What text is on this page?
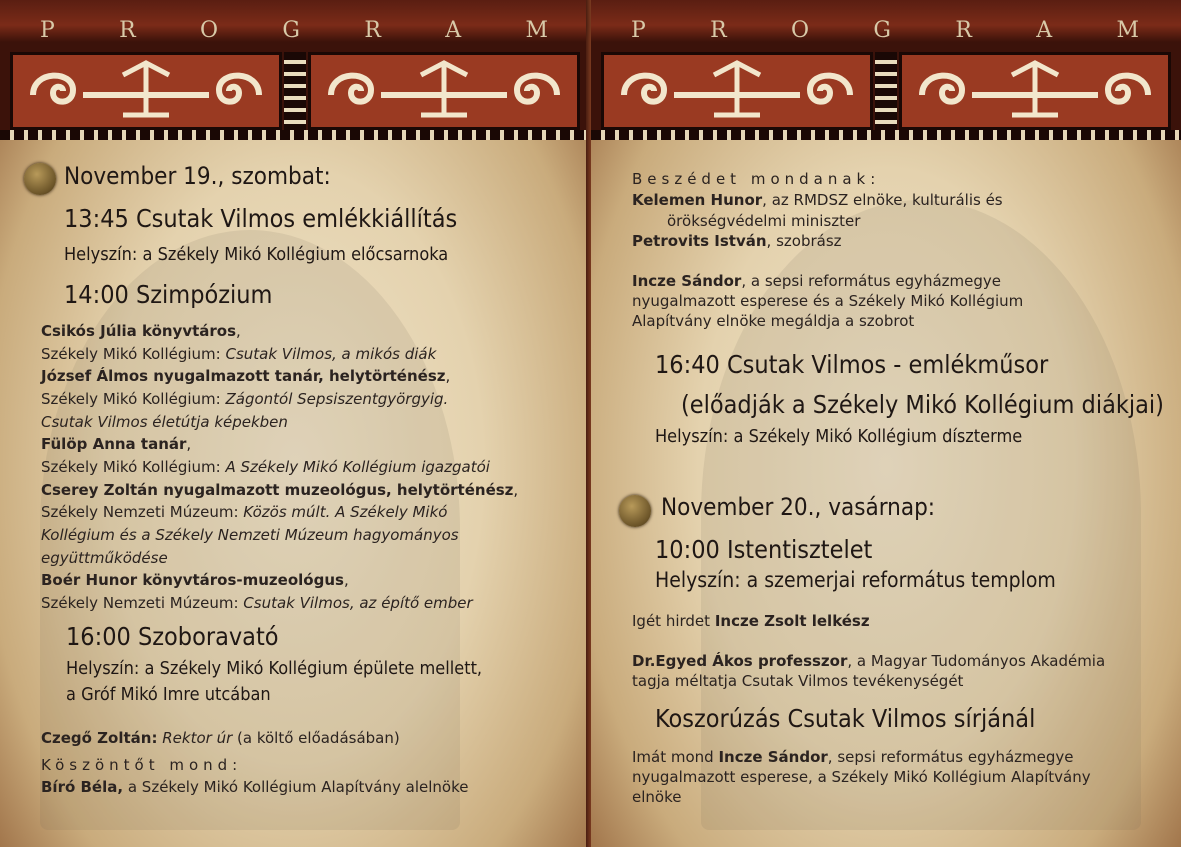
P	R	O	G	R	A	M
November 19., szombat:
13:45 Csutak Vilmos emlékkiállítás
Helyszín: a Székely Mikó Kollégium előcsarnoka
14:00 Szimpózium
Csikós Júlia könyvtáros,
Székely Mikó Kollégium: Csutak Vilmos, a mikós diák
József Álmos nyugalmazott tanár, helytörténész,
Székely Mikó Kollégium: Zágontól Sepsiszentgyörgyig.
Csutak Vilmos életútja képekben
Fülöp Anna tanár,
Székely Mikó Kollégium: A Székely Mikó Kollégium igazgatói
Cserey Zoltán nyugalmazott muzeológus, helytörténész,
Székely Nemzeti Múzeum: Közös múlt. A Székely Mikó
Kollégium és a Székely Nemzeti Múzeum hagyományos
együttműködése
Boér Hunor könyvtáros-muzeológus,
Székely Nemzeti Múzeum: Csutak Vilmos, az építő ember
16:00 Szoboravató
Helyszín: a Székely Mikó Kollégium épülete mellett,
a Gróf Mikó Imre utcában
Czegő Zoltán: Rektor úr (a költő előadásában)
Köszöntőt mond:
Bíró Béla, a Székely Mikó Kollégium Alapítvány alelnöke
P	R	O	G	R	A	M
Beszédet mondanak:
Kelemen Hunor, az RMDSZ elnöke, kulturális és
örökségvédelmi miniszter
Petrovits István, szobrász
Incze Sándor, a sepsi református egyházmegye
nyugalmazott esperese és a Székely Mikó Kollégium
Alapítvány elnöke megáldja a szobrot
16:40 Csutak Vilmos - emlékműsor
(előadják a Székely Mikó Kollégium diákjai)
Helyszín: a Székely Mikó Kollégium díszterme
November 20., vasárnap:
10:00 Istentisztelet
Helyszín: a szemerjai református templom
Igét hirdet Incze Zsolt lelkész
Dr.Egyed Ákos professzor, a Magyar Tudományos Akadémia
tagja méltatja Csutak Vilmos tevékenységét
Koszorúzás Csutak Vilmos sírjánál
Imát mond Incze Sándor, sepsi református egyházmegye
nyugalmazott esperese, a Székely Mikó Kollégium Alapítvány
elnöke
